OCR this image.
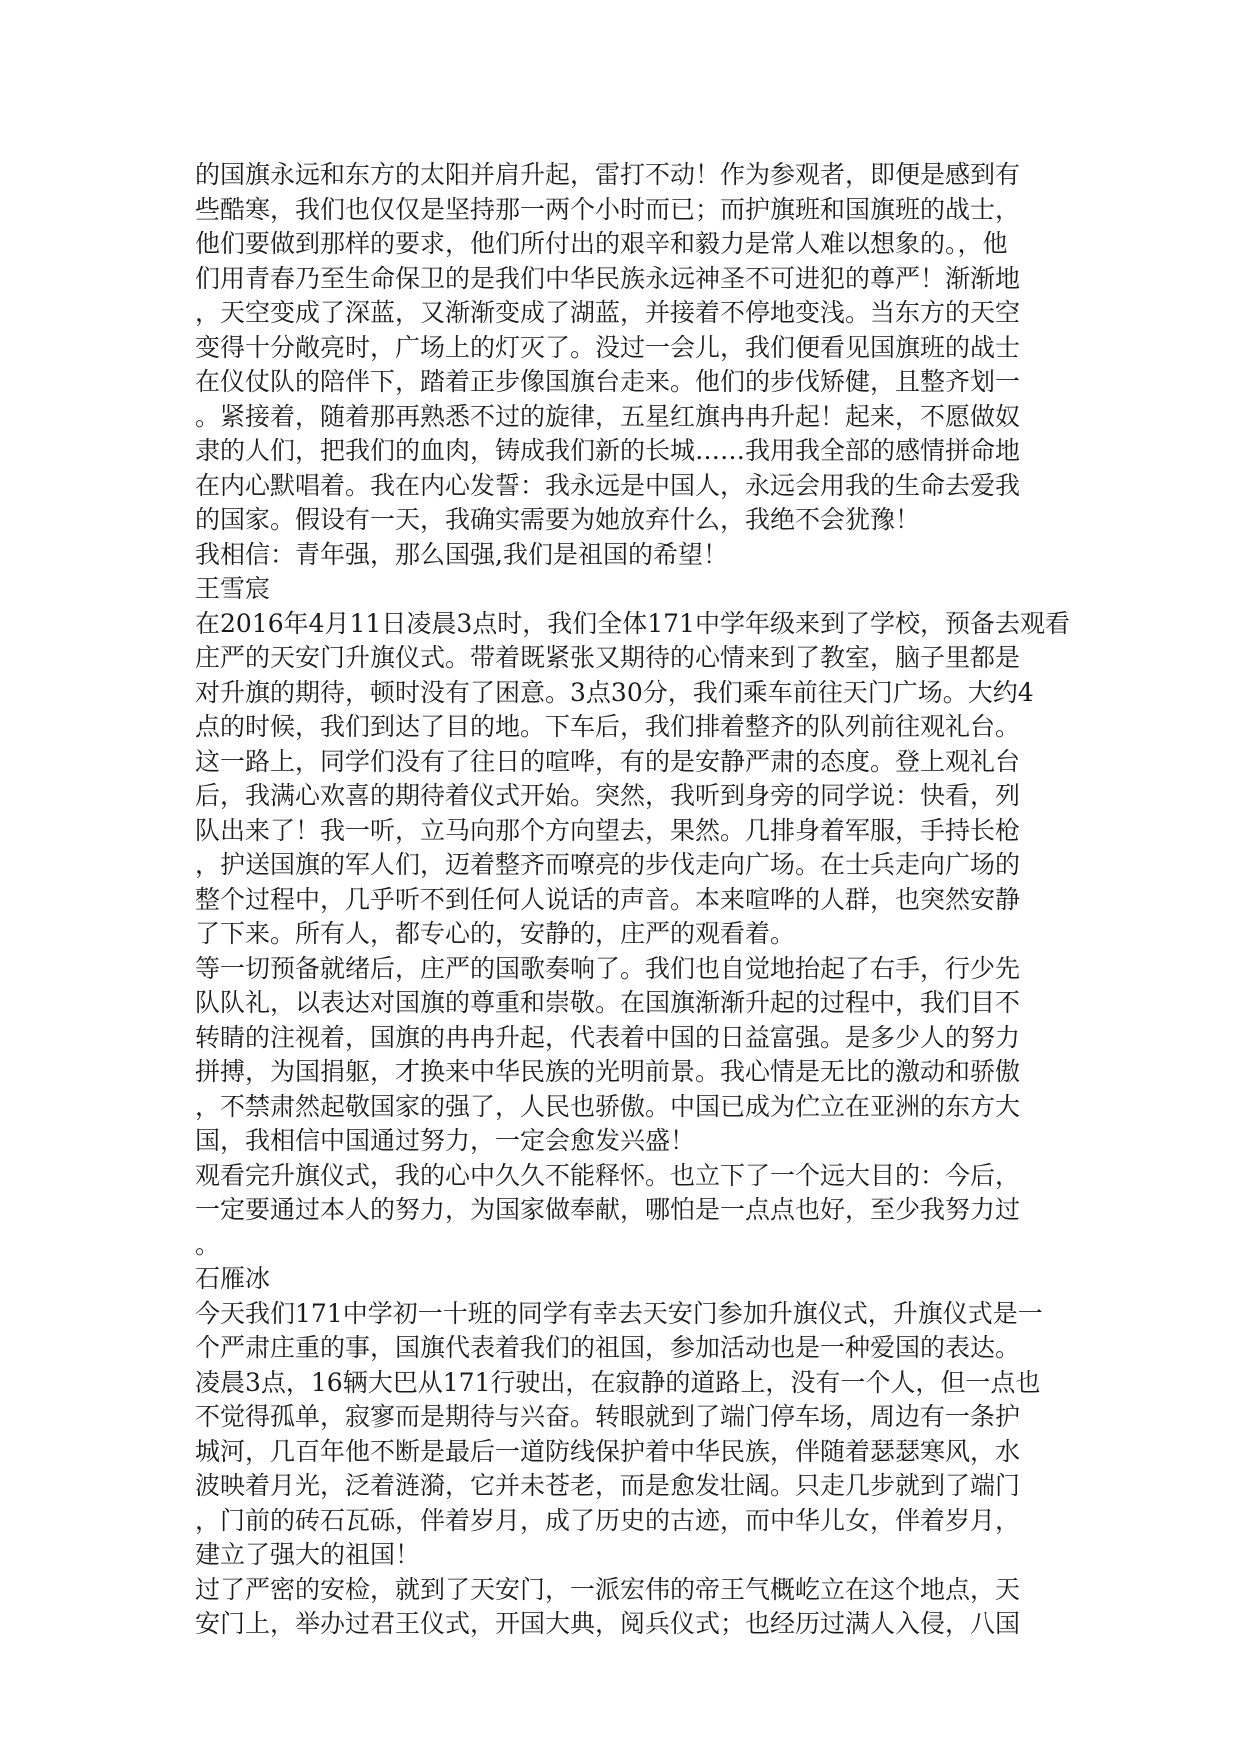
的国旗永远和东方的太阳并肩升起，雷打不动！作为参观者，即便是感到有
些酷寒，我们也仅仅是坚持那一两个小时而已；而护旗班和国旗班的战士，
他们要做到那样的要求，他们所付出的艰辛和毅力是常人难以想象的。，他
们用青春乃至生命保卫的是我们中华民族永远神圣不可进犯的尊严！渐渐地
，天空变成了深蓝，又渐渐变成了湖蓝，并接着不停地变浅。当东方的天空
变得十分敞亮时，广场上的灯灭了。没过一会儿，我们便看见国旗班的战士
在仪仗队的陪伴下，踏着正步像国旗台走来。他们的步伐矫健，且整齐划一
。紧接着，随着那再熟悉不过的旋律，五星红旗冉冉升起！起来，不愿做奴
隶的人们，把我们的血肉，铸成我们新的长城……我用我全部的感情拼命地
在内心默唱着。我在内心发誓：我永远是中国人，永远会用我的生命去爱我
的国家。假设有一天，我确实需要为她放弃什么，我绝不会犹豫！
我相信：青年强，那么国强,我们是祖国的希望！
王雪宸
在2016年4月11日凌晨3点时，我们全体171中学年级来到了学校，预备去观看
庄严的天安门升旗仪式。带着既紧张又期待的心情来到了教室，脑子里都是
对升旗的期待，顿时没有了困意。3点30分，我们乘车前往天门广场。大约4
点的时候，我们到达了目的地。下车后，我们排着整齐的队列前往观礼台。
这一路上，同学们没有了往日的喧哗，有的是安静严肃的态度。登上观礼台
后，我满心欢喜的期待着仪式开始。突然，我听到身旁的同学说：快看，列
队出来了！我一听，立马向那个方向望去，果然。几排身着军服，手持长枪
，护送国旗的军人们，迈着整齐而嘹亮的步伐走向广场。在士兵走向广场的
整个过程中，几乎听不到任何人说话的声音。本来喧哗的人群，也突然安静
了下来。所有人，都专心的，安静的，庄严的观看着。
等一切预备就绪后，庄严的国歌奏响了。我们也自觉地抬起了右手，行少先
队队礼，以表达对国旗的尊重和崇敬。在国旗渐渐升起的过程中，我们目不
转睛的注视着，国旗的冉冉升起，代表着中国的日益富强。是多少人的努力
拼搏，为国捐躯，才换来中华民族的光明前景。我心情是无比的激动和骄傲
，不禁肃然起敬国家的强了，人民也骄傲。中国已成为伫立在亚洲的东方大
国，我相信中国通过努力，一定会愈发兴盛！
观看完升旗仪式，我的心中久久不能释怀。也立下了一个远大目的：今后，
一定要通过本人的努力，为国家做奉献，哪怕是一点点也好，至少我努力过
。
石雁冰
今天我们171中学初一十班的同学有幸去天安门参加升旗仪式，升旗仪式是一
个严肃庄重的事，国旗代表着我们的祖国，参加活动也是一种爱国的表达。
凌晨3点，16辆大巴从171行驶出，在寂静的道路上，没有一个人，但一点也
不觉得孤单，寂寥而是期待与兴奋。转眼就到了端门停车场，周边有一条护
城河，几百年他不断是最后一道防线保护着中华民族，伴随着瑟瑟寒风，水
波映着月光，泛着涟漪，它并未苍老，而是愈发壮阔。只走几步就到了端门
，门前的砖石瓦砾，伴着岁月，成了历史的古迹，而中华儿女，伴着岁月，
建立了强大的祖国！
过了严密的安检，就到了天安门，一派宏伟的帝王气概屹立在这个地点，天
安门上，举办过君王仪式，开国大典，阅兵仪式；也经历过满人入侵，八国
